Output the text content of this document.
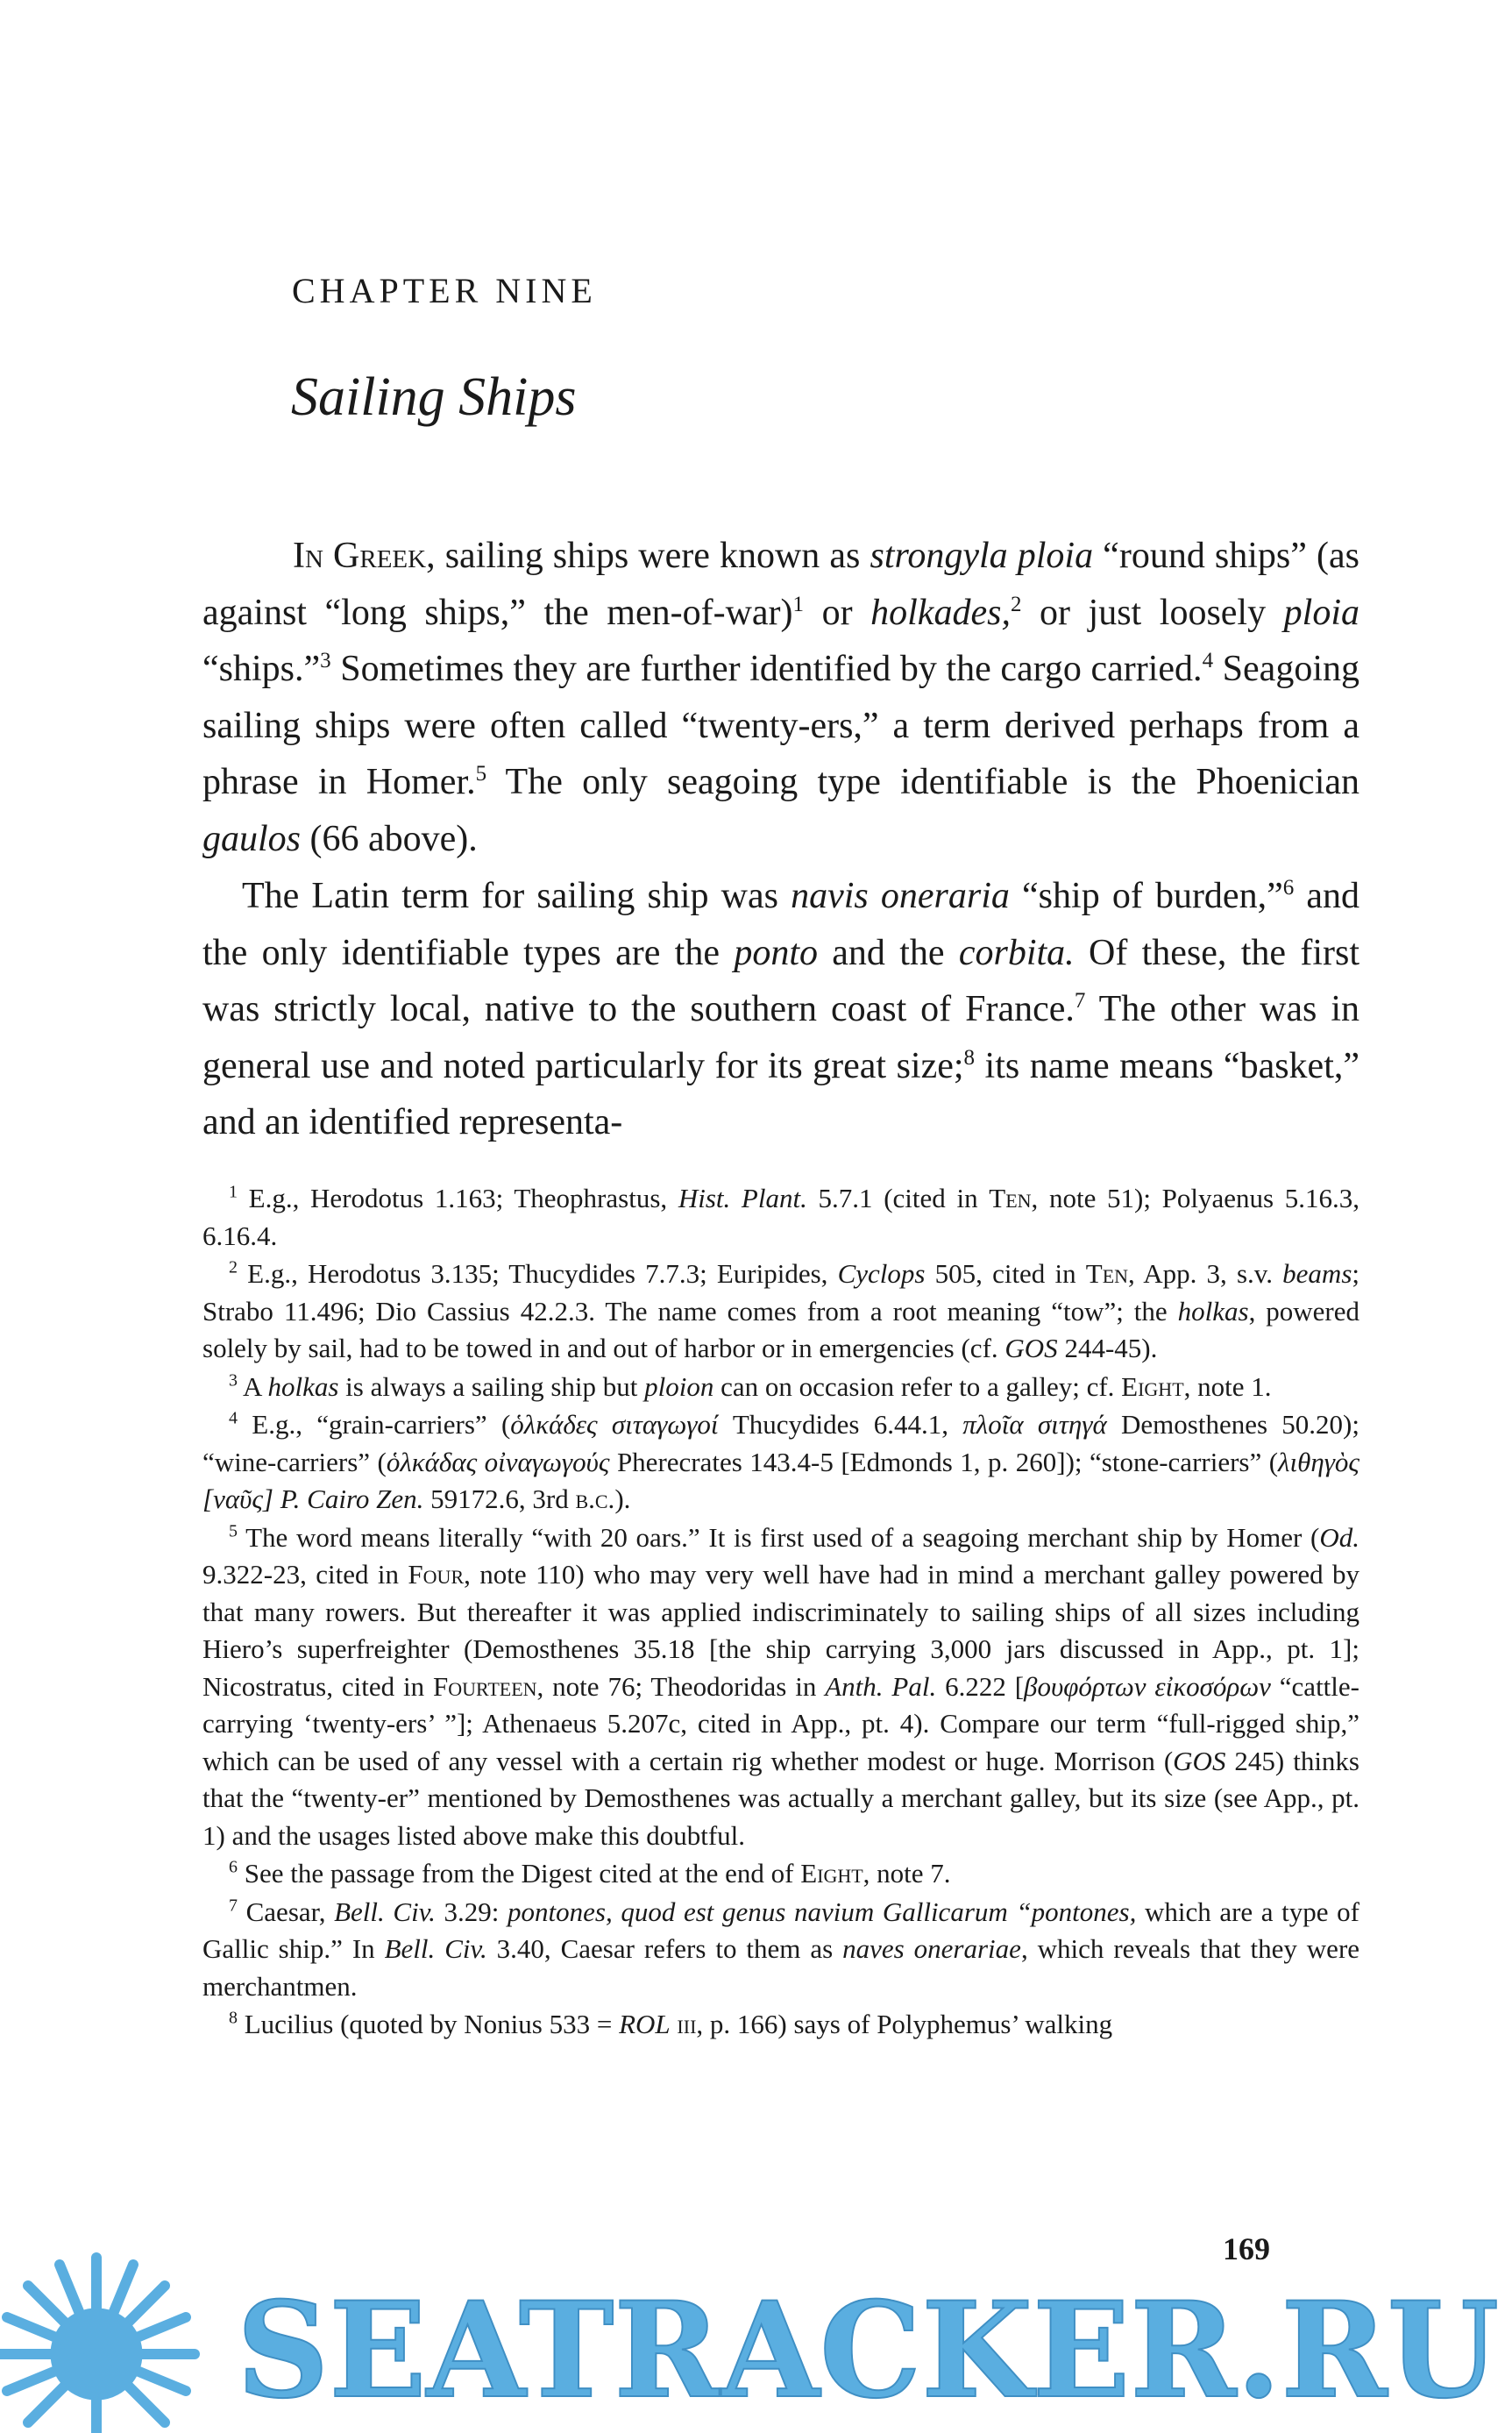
CHAPTER NINE
Sailing Ships

In Greek, sailing ships were known as strongyla ploia “round ships” (as against “long ships,” the men-of-war)$^1$ or holkades,$^2$ or just loosely ploia “ships.”$^3$ Sometimes they are further identified by the cargo carried.$^4$ Seagoing sailing ships were often called “twenty-ers,” a term derived perhaps from a phrase in Homer.$^5$ The only seagoing type identifiable is the Phoenician gaulos (66 above).

The Latin term for sailing ship was navis oneraria “ship of burden,”$^6$ and the only identifiable types are the ponto and the corbita. Of these, the first was strictly local, native to the southern coast of France.$^7$ The other was in general use and noted particularly for its great size;$^8$ its name means “basket,” and an identified representa-

$^1$ E.g., Herodotus 1.163; Theophrastus, Hist. Plant. 5.7.1 (cited in Ten, note 51); Polyaenus 5.16.3, 6.16.4.

$^2$ E.g., Herodotus 3.135; Thucydides 7.7.3; Euripides, Cyclops 505, cited in Ten, App. 3, s.v. beams; Strabo 11.496; Dio Cassius 42.2.3. The name comes from a root meaning “tow”; the holkas, powered solely by sail, had to be towed in and out of harbor or in emergencies (cf. GOS 244-45).

$^3$ A holkas is always a sailing ship but ploion can on occasion refer to a galley; cf. Eight, note 1.

$^4$ E.g., “grain-carriers” (ὁλκάδες σιταγωγοί Thucydides 6.44.1, πλοῖα σιτηγά Demosthenes 50.20); “wine-carriers” (ὁλκάδας οἰναγωγούς Pherecrates 143.4-5 [Edmonds 1, p. 260]); “stone-carriers” (λιθηγὸς [ναῦς] P. Cairo Zen. 59172.6, 3rd b.c.).

$^5$ The word means literally “with 20 oars.” It is first used of a seagoing merchant ship by Homer (Od. 9.322-23, cited in Four, note 110) who may very well have had in mind a merchant galley powered by that many rowers. But thereafter it was applied indiscriminately to sailing ships of all sizes including Hiero’s superfreighter (Demosthenes 35.18 [the ship carrying 3,000 jars discussed in App., pt. 1]; Nicostratus, cited in Fourteen, note 76; Theodoridas in Anth. Pal. 6.222 [βουφόρτων εἰκοσόρων “cattle-carrying ‘twenty-ers’ ”]; Athenaeus 5.207c, cited in App., pt. 4). Compare our term “full-rigged ship,” which can be used of any vessel with a certain rig whether modest or huge. Morrison (GOS 245) thinks that the “twenty-er” mentioned by Demosthenes was actually a merchant galley, but its size (see App., pt. 1) and the usages listed above make this doubtful.

$^6$ See the passage from the Digest cited at the end of Eight, note 7.

$^7$ Caesar, Bell. Civ. 3.29: pontones, quod est genus navium Gallicarum “pontones, which are a type of Gallic ship.” In Bell. Civ. 3.40, Caesar refers to them as naves onerariae, which reveals that they were merchantmen.

$^8$ Lucilius (quoted by Nonius 533 = ROL iii, p. 166) says of Polyphemus’ walking

169
SEATRACKER.RU
